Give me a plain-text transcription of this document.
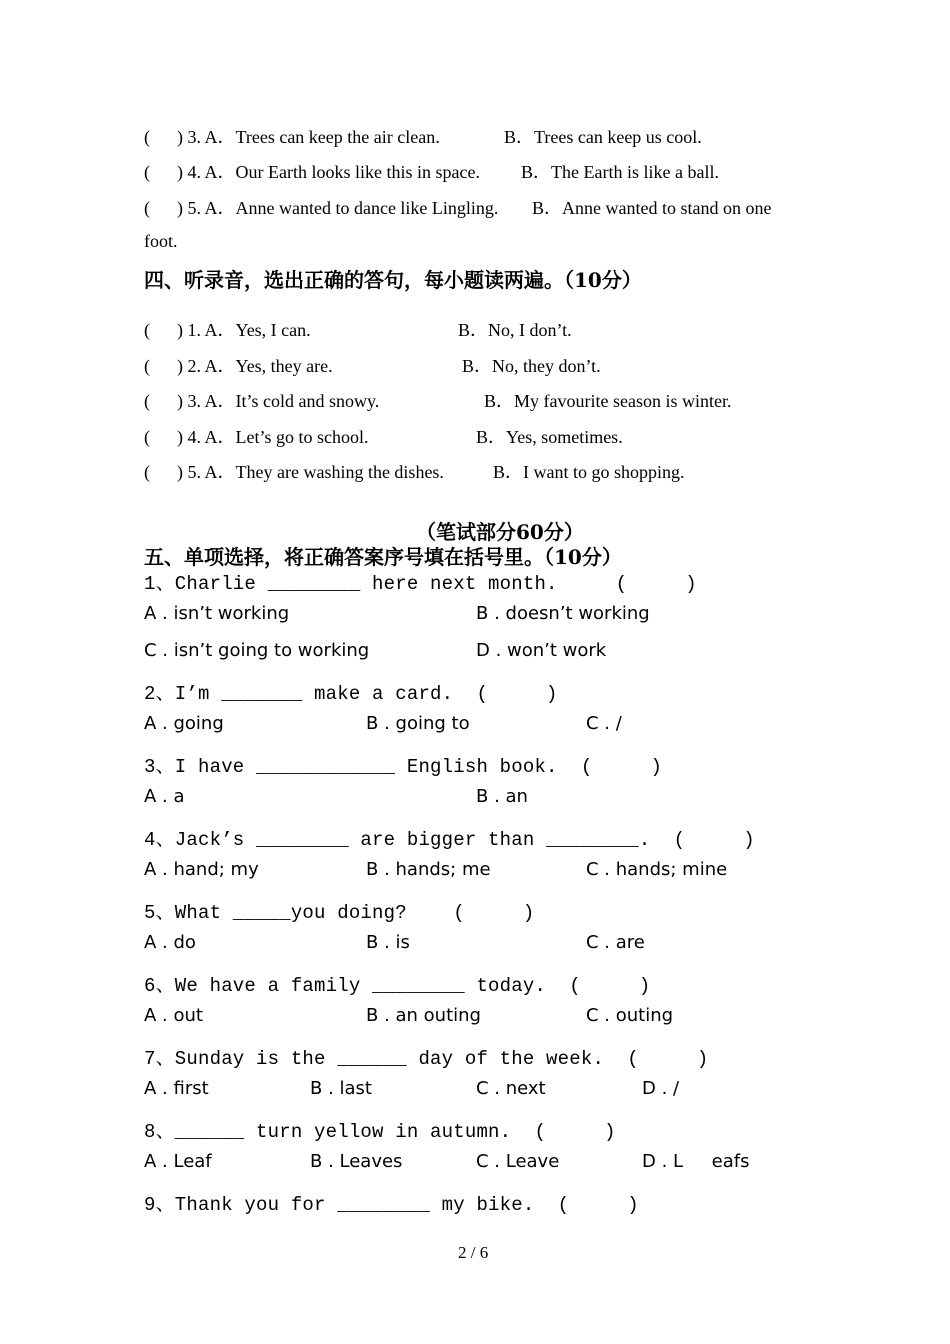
(      ) 3. A．Trees can keep the air clean.	B．Trees can keep us cool.
(      ) 4. A．Our Earth looks like this in space. B．The Earth is like a ball.
(      ) 5. A．Anne wanted to dance like Lingling. B．Anne wanted to stand on one
foot.
四、听录音，选出正确的答句，每小题读两遍。（10分）
(      ) 1. A．Yes, I can.	B．No, I don’t.
(      ) 2. A．Yes, they are.	B．No, they don’t.
(      ) 3. A．It’s cold and snowy.	B．My favourite season is winter.
(      ) 4. A．Let’s go to school.	B．Yes, sometimes.
(      ) 5. A．They are washing the dishes.	B．I want to go shopping.
（笔试部分60分）
五、单项选择，将正确答案序号填在括号里。（10分）
1、Charlie ________ here next month.     (     )
A . isn’t working	B . doesn’t working
C . isn’t going to working	D . won’t work
2、I’m _______ make a card.  (     )
A . going	B . going to	C . /
3、I have ____________ English book.  (     )
A . a	B . an
4、Jack’s ________ are bigger than ________.  (     )
A . hand; my	B . hands; me	C . hands; mine
5、What _____you doing?    (     )
A . do	B . is	C . are
6、We have a family ________ today.  (     )
A . out	B . an outing	C . outing
7、Sunday is the ______ day of the week.  (     )
A . first	B . last	C . next	D . /
8、______ turn yellow in autumn.  (     )
A . Leaf	B . Leaves	C . Leave	D . L     eafs
9、Thank you for ________ my bike.  (     )
2 / 6
